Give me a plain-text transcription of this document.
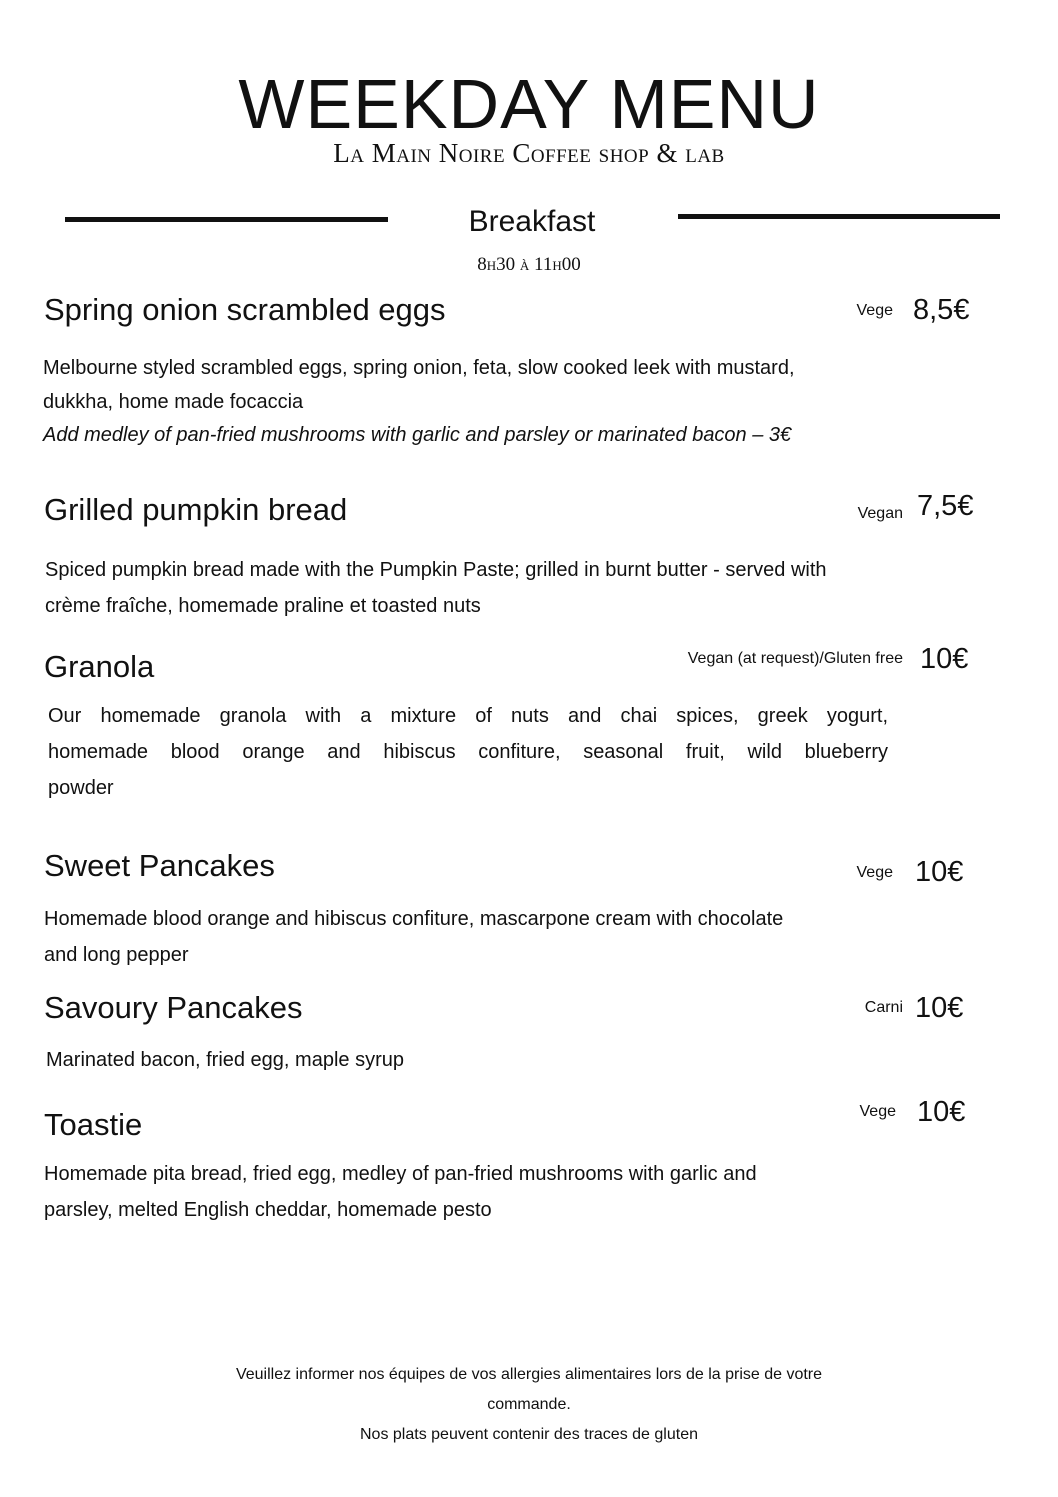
WEEKDAY MENU
La Main Noire Coffee shop & lab
Breakfast
8h30 à 11h00
Spring onion scrambled eggs	Vege 8,5€
Melbourne styled scrambled eggs, spring onion, feta, slow cooked leek with mustard,
dukkha, home made focaccia
Add medley of pan-fried mushrooms with garlic and parsley or marinated bacon – 3€
Grilled pumpkin bread	Vegan 7,5€
Spiced pumpkin bread made with the Pumpkin Paste; grilled in burnt butter - served with
crème fraîche, homemade praline et toasted nuts
Granola	Vegan (at request)/Gluten free 10€
Our homemade granola with a mixture of nuts and chai spices, greek yogurt,
homemade blood orange and hibiscus confiture, seasonal fruit, wild blueberry
powder
Sweet Pancakes	Vege 10€
Homemade blood orange and hibiscus confiture, mascarpone cream with chocolate
and long pepper
Savoury Pancakes	Carni 10€
Marinated bacon, fried egg, maple syrup
Toastie	Vege 10€
Homemade pita bread, fried egg, medley of pan-fried mushrooms with garlic and
parsley, melted English cheddar, homemade pesto
Veuillez informer nos équipes de vos allergies alimentaires lors de la prise de votre
commande.
Nos plats peuvent contenir des traces de gluten
